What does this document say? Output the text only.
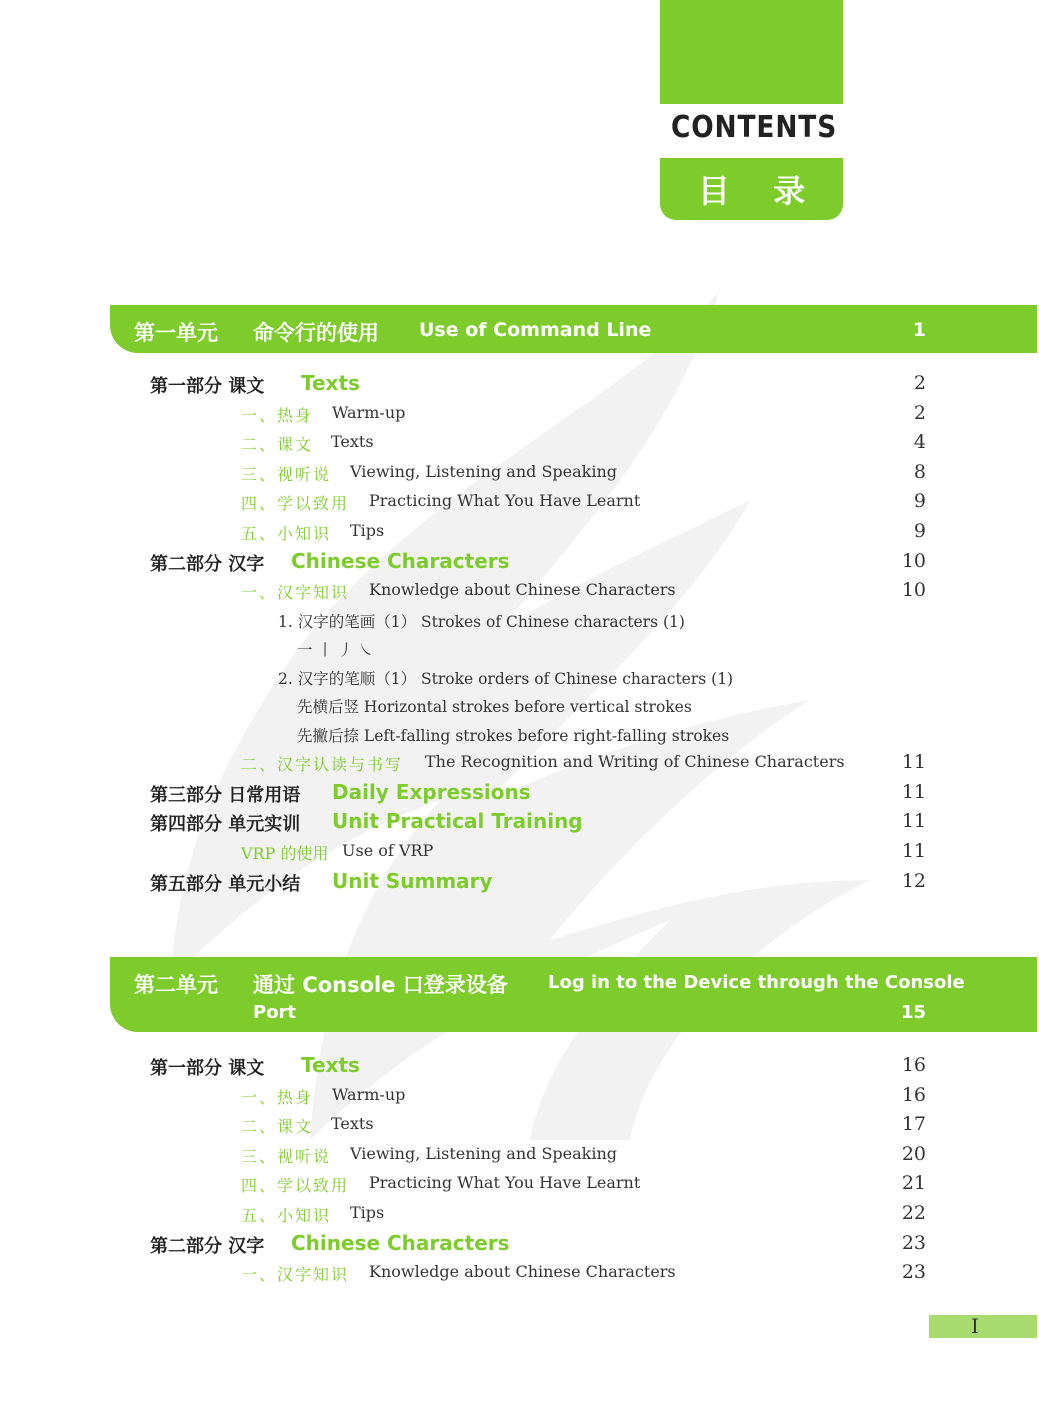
CONTENTS
目 录
第一单元 命令行的使用 Use of Command Line	1
第一部分 课文 Texts	2
一、热身 Warm-up	2
二、课文 Texts	4
三、视听说 Viewing, Listening and Speaking	8
四、学以致用 Practicing What You Have Learnt	9
五、小知识 Tips	9
第二部分 汉字 Chinese Characters	10
一、汉字知识 Knowledge about Chinese Characters	10
1. 汉字的笔画（1） Strokes of Chinese characters (1)
一 丨 丿 ㇏
2. 汉字的笔顺（1） Stroke orders of Chinese characters (1)
先横后竖 Horizontal strokes before vertical strokes
先撇后捺 Left-falling strokes before right-falling strokes
二、汉字认读与书写 The Recognition and Writing of Chinese Characters	11
第三部分 日常用语 Daily Expressions	11
第四部分 单元实训 Unit Practical Training	11
VRP 的使用 Use of VRP	11
第五部分 单元小结 Unit Summary	12
第二单元 通过 Console 口登录设备 Log in to the Device through the Console
Port	15
第一部分 课文 Texts	16
一、热身 Warm-up	16
二、课文 Texts	17
三、视听说 Viewing, Listening and Speaking	20
四、学以致用 Practicing What You Have Learnt	21
五、小知识 Tips	22
第二部分 汉字 Chinese Characters	23
一、汉字知识 Knowledge about Chinese Characters	23
I
